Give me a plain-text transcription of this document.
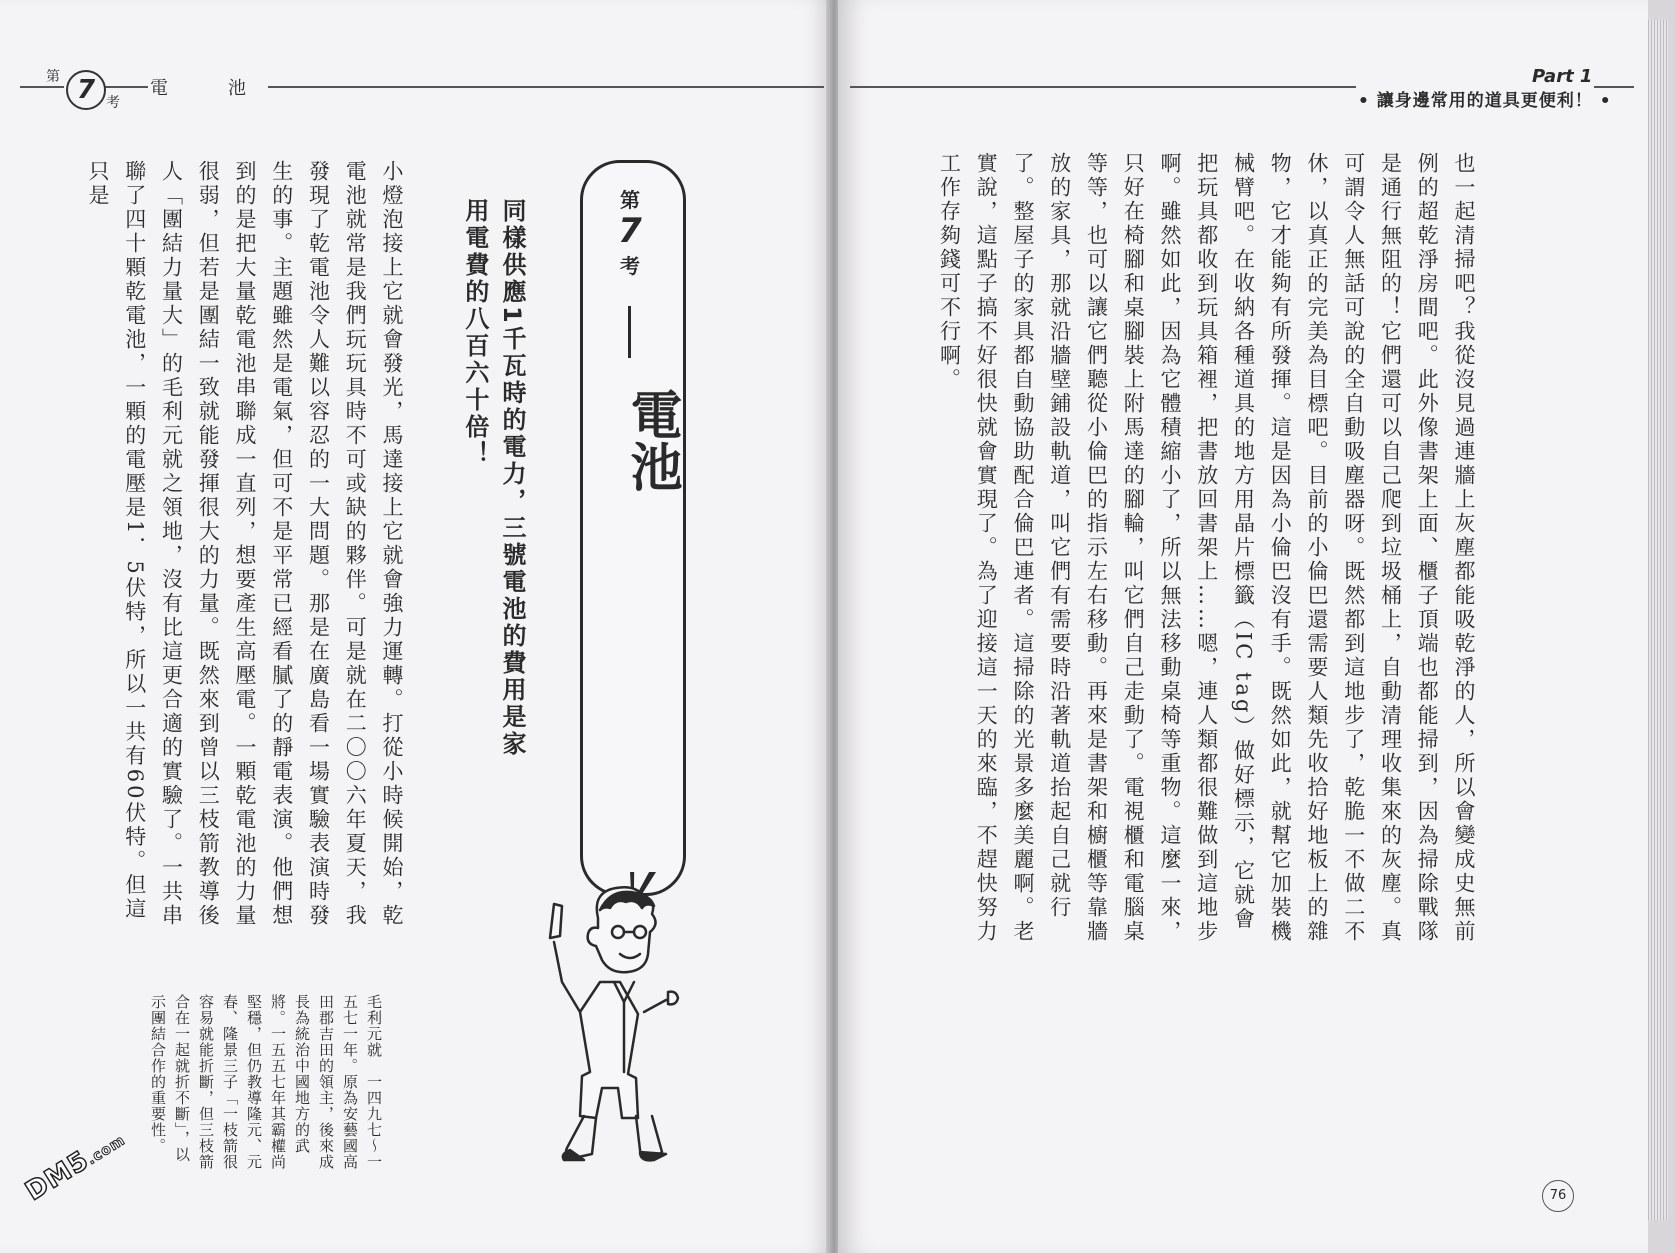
第 7 考
電池
Part 1
• 讓身邊常用的道具更便利！ •
第
7
考
電池
同樣供應1千瓦時的電力，三號電池的費用是家用電費的八百六十倍！
小燈泡接上它就會發光，馬達接上它就會強力運轉。打從小時候開始，乾電池就常是我們玩玩具時不可或缺的夥伴。可是就在二〇〇六年夏天，我發現了乾電池令人難以容忍的一大問題。那是在廣島看一場實驗表演時發生的事。主題雖然是電氣，但可不是平常已經看膩了的靜電表演。他們想到的是把大量乾電池串聯成一直列，想要產生高壓電。一顆乾電池的力量很弱，但若是團結一致就能發揮很大的力量。既然來到曾以三枝箭教導後人「團結力量大」的毛利元就之領地，沒有比這更合適的實驗了。一共串聯了四十顆乾電池，一顆的電壓是1．5伏特，所以一共有60伏特。但這只是	也一起清掃吧？我從沒見過連牆上灰塵都能吸乾淨的人，所以會變成史無前例的超乾淨房間吧。此外像書架上面、櫃子頂端也都能掃到，因為掃除戰隊是通行無阻的！它們還可以自己爬到垃圾桶上，自動清理收集來的灰塵。真可謂令人無話可說的全自動吸塵器呀。既然都到這地步了，乾脆一不做二不休，以真正的完美為目標吧。目前的小倫巴還需要人類先收拾好地板上的雜物，它才能夠有所發揮。這是因為小倫巴沒有手。既然如此，就幫它加裝機械臂吧。在收納各種道具的地方用晶片標籤（IC tag）做好標示，它就會把玩具都收到玩具箱裡，把書放回書架上……嗯，連人類都很難做到這地步啊。雖然如此，因為它體積縮小了，所以無法移動桌椅等重物。這麼一來，只好在椅腳和桌腳裝上附馬達的腳輪，叫它們自己走動了。電視櫃和電腦桌等等，也可以讓它們聽從小倫巴的指示左右移動。再來是書架和櫥櫃等靠牆放的家具，那就沿牆壁鋪設軌道，叫它們有需要時沿著軌道抬起自己就行了。整屋子的家具都自動協助配合倫巴連者。這掃除的光景多麼美麗啊。老實說，這點子搞不好很快就會實現了。為了迎接這一天的來臨，不趕快努力工作存夠錢可不行啊。
毛利元就　一四九七～一五七一年。原為安藝國高田郡吉田的領主，後來成長為統治中國地方的武將。一五五七年其霸權尚堅穩，但仍教導隆元、元春、隆景三子「一枝箭很容易就能折斷，但三枝箭合在一起就折不斷」，以示團結合作的重要性。
76
DM5.com
